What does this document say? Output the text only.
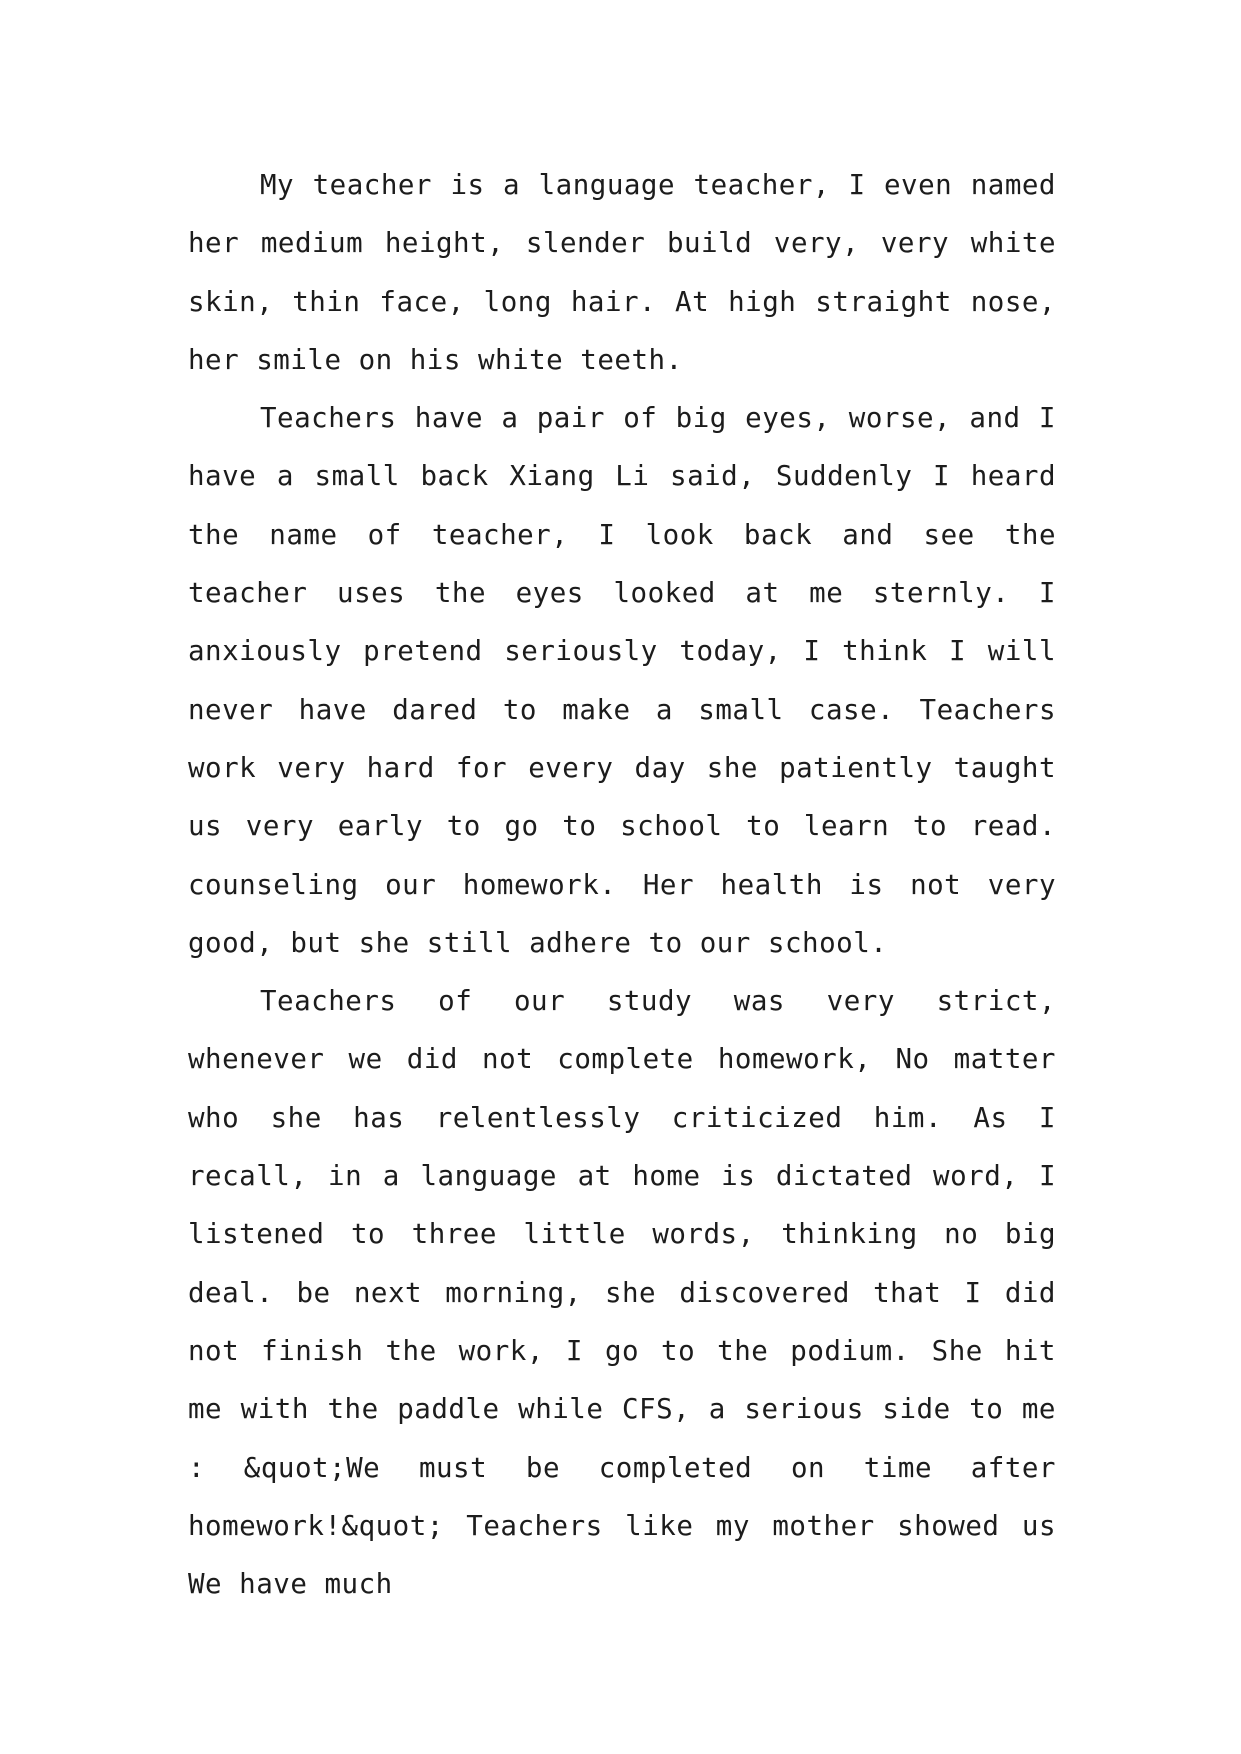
My teacher is a language teacher, I even named her medium height, slender build very, very white skin, thin face, long hair. At high straight nose, her smile on his white teeth.

Teachers have a pair of big eyes, worse, and I have a small back Xiang Li said, Suddenly I heard the name of teacher, I look back and see the teacher uses the eyes looked at me sternly. I anxiously pretend seriously today, I think I will never have dared to make a small case. Teachers work very hard for every day she patiently taught us very early to go to school to learn to read. counseling our homework. Her health is not very good, but she still adhere to our school.

Teachers of our study was very strict, whenever we did not complete homework, No matter who she has relentlessly criticized him. As I recall, in a language at home is dictated word, I listened to three little words, thinking no big deal. be next morning, she discovered that I did not finish the work, I go to the podium. She hit me with the paddle while CFS, a serious side to me : &quot;We must be completed on time after homework!&quot; Teachers like my mother showed us We have much
